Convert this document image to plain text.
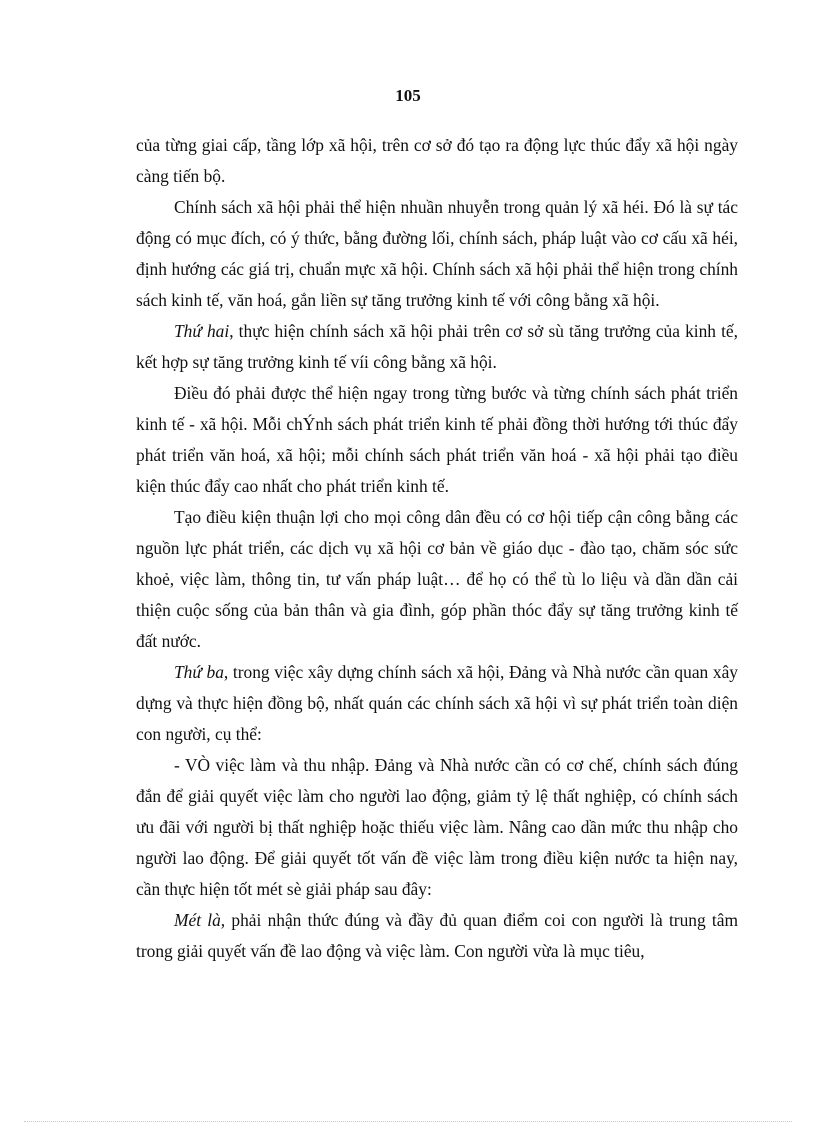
105

của từng giai cấp, tầng lớp xã hội, trên cơ sở đó tạo ra động lực thúc đẩy xã hội ngày càng tiến bộ.

Chính sách xã hội phải thể hiện nhuần nhuyễn trong quản lý xã héi. Đó là sự tác động có mục đích, có ý thức, bằng đường lối, chính sách, pháp luật vào cơ cấu xã héi, định hướng các giá trị, chuẩn mực xã hội. Chính sách xã hội phải thể hiện trong chính sách kinh tế, văn hoá, gắn liền sự tăng trưởng kinh tế với công bằng xã hội.

Thứ hai, thực hiện chính sách xã hội phải trên cơ sở sù tăng trưởng của kinh tế, kết hợp sự tăng trưởng kinh tế víi công bằng xã hội.

Điều đó phải được thể hiện ngay trong từng bước và từng chính sách phát triển kinh tế - xã hội. Mỗi chÝnh sách phát triển kinh tế phải đồng thời hướng tới thúc đẩy phát triển văn hoá, xã hội; mỗi chính sách phát triển văn hoá - xã hội phải tạo điều kiện thúc đẩy cao nhất cho phát triển kinh tế.

Tạo điều kiện thuận lợi cho mọi công dân đều có cơ hội tiếp cận công bằng các nguồn lực phát triển, các dịch vụ xã hội cơ bản về giáo dục - đào tạo, chăm sóc sức khoẻ, việc làm, thông tin, tư vấn pháp luật… để họ có thể tù lo liệu và dần dần cải thiện cuộc sống của bản thân và gia đình, góp phần thóc đẩy sự tăng trưởng kinh tế đất nước.

Thứ ba, trong việc xây dựng chính sách xã hội, Đảng và Nhà nước cần quan xây dựng và thực hiện đồng bộ, nhất quán các chính sách xã hội vì sự phát triển toàn diện con người, cụ thể:

- VÒ việc làm và thu nhập. Đảng và Nhà nước cần có cơ chế, chính sách đúng đắn để giải quyết việc làm cho người lao động, giảm tỷ lệ thất nghiệp, có chính sách ưu đãi với người bị thất nghiệp hoặc thiếu việc làm. Nâng cao dần mức thu nhập cho người lao động. Để giải quyết tốt vấn đề việc làm trong điều kiện nước ta hiện nay, cần thực hiện tốt mét sè giải pháp sau đây:

Mét là, phải nhận thức đúng và đầy đủ quan điểm coi con người là trung tâm trong giải quyết vấn đề lao động và việc làm. Con người vừa là mục tiêu,
